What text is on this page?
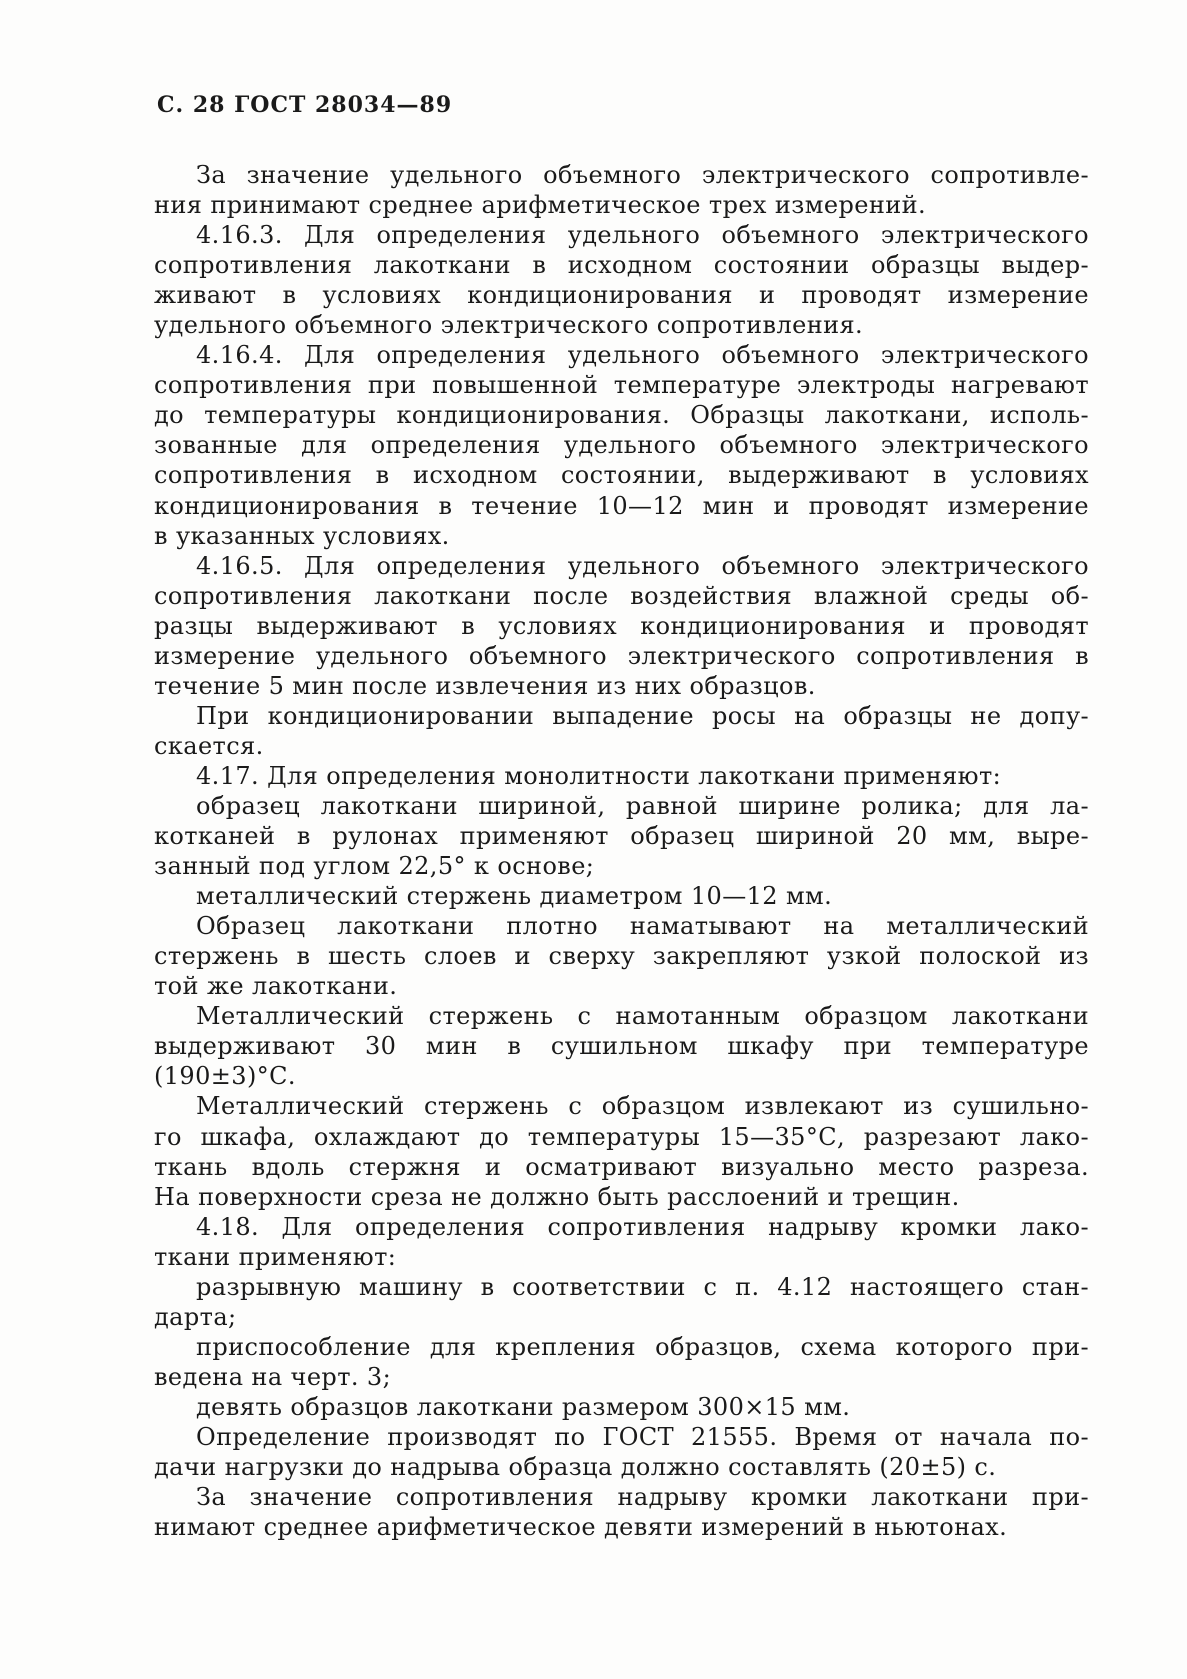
С. 28 ГОСТ 28034—89
За значение удельного объемного электрического сопротивле-
ния принимают среднее арифметическое трех измерений.
4.16.3. Для определения удельного объемного электрического
сопротивления лакоткани в исходном состоянии образцы выдер-
живают в условиях кондиционирования и проводят измерение
удельного объемного электрического сопротивления.
4.16.4. Для определения удельного объемного электрического
сопротивления при повышенной температуре электроды нагревают
до температуры кондиционирования. Образцы лакоткани, исполь-
зованные для определения удельного объемного электрического
сопротивления в исходном состоянии, выдерживают в условиях
кондиционирования в течение 10—12 мин и проводят измерение
в указанных условиях.
4.16.5. Для определения удельного объемного электрического
сопротивления лакоткани после воздействия влажной среды об-
разцы выдерживают в условиях кондиционирования и проводят
измерение удельного объемного электрического сопротивления в
течение 5 мин после извлечения из них образцов.
При кондиционировании выпадение росы на образцы не допу-
скается.
4.17. Для определения монолитности лакоткани применяют:
образец лакоткани шириной, равной ширине ролика; для ла-
котканей в рулонах применяют образец шириной 20 мм, выре-
занный под углом 22,5° к основе;
металлический стержень диаметром 10—12 мм.
Образец лакоткани плотно наматывают на металлический
стержень в шесть слоев и сверху закрепляют узкой полоской из
той же лакоткани.
Металлический стержень с намотанным образцом лакоткани
выдерживают 30 мин в сушильном шкафу при температуре
(190±3)°С.
Металлический стержень с образцом извлекают из сушильно-
го шкафа, охлаждают до температуры 15—35°С, разрезают лако-
ткань вдоль стержня и осматривают визуально место разреза.
На поверхности среза не должно быть расслоений и трещин.
4.18. Для определения сопротивления надрыву кромки лако-
ткани применяют:
разрывную машину в соответствии с п. 4.12 настоящего стан-
дарта;
приспособление для крепления образцов, схема которого при-
ведена на черт. 3;
девять образцов лакоткани размером 300×15 мм.
Определение производят по ГОСТ 21555. Время от начала по-
дачи нагрузки до надрыва образца должно составлять (20±5) с.
За значение сопротивления надрыву кромки лакоткани при-
нимают среднее арифметическое девяти измерений в ньютонах.
